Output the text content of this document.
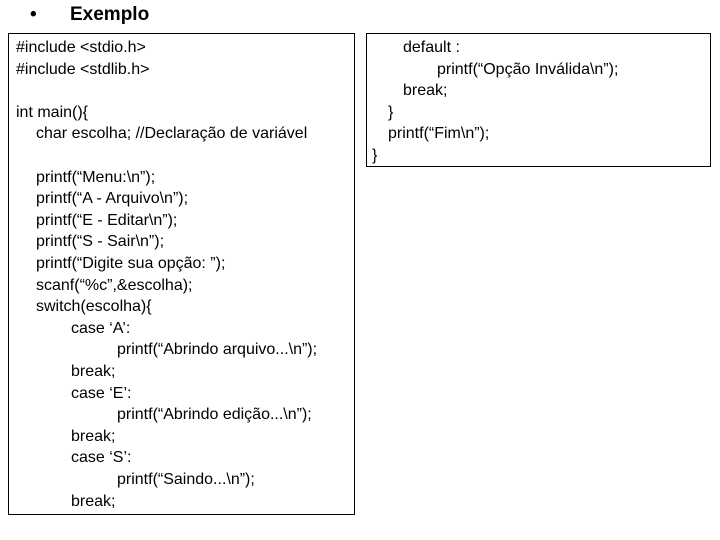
• Exemplo
#include <stdio.h>
#include <stdlib.h>
int main(){
char escolha; //Declaração de variável
printf(“Menu:\n”);
printf(“A - Arquivo\n”);
printf(“E - Editar\n”);
printf(“S - Sair\n”);
printf(“Digite sua opção: ”);
scanf(“%c”,&escolha);
switch(escolha){
case ‘A’:
printf(“Abrindo arquivo...\n”);
break;
case ‘E’:
printf(“Abrindo edição...\n”);
break;
case ‘S’:
printf(“Saindo...\n”);
break;
default :
printf(“Opção Inválida\n”);
break;
}
printf(“Fim\n”);
}
